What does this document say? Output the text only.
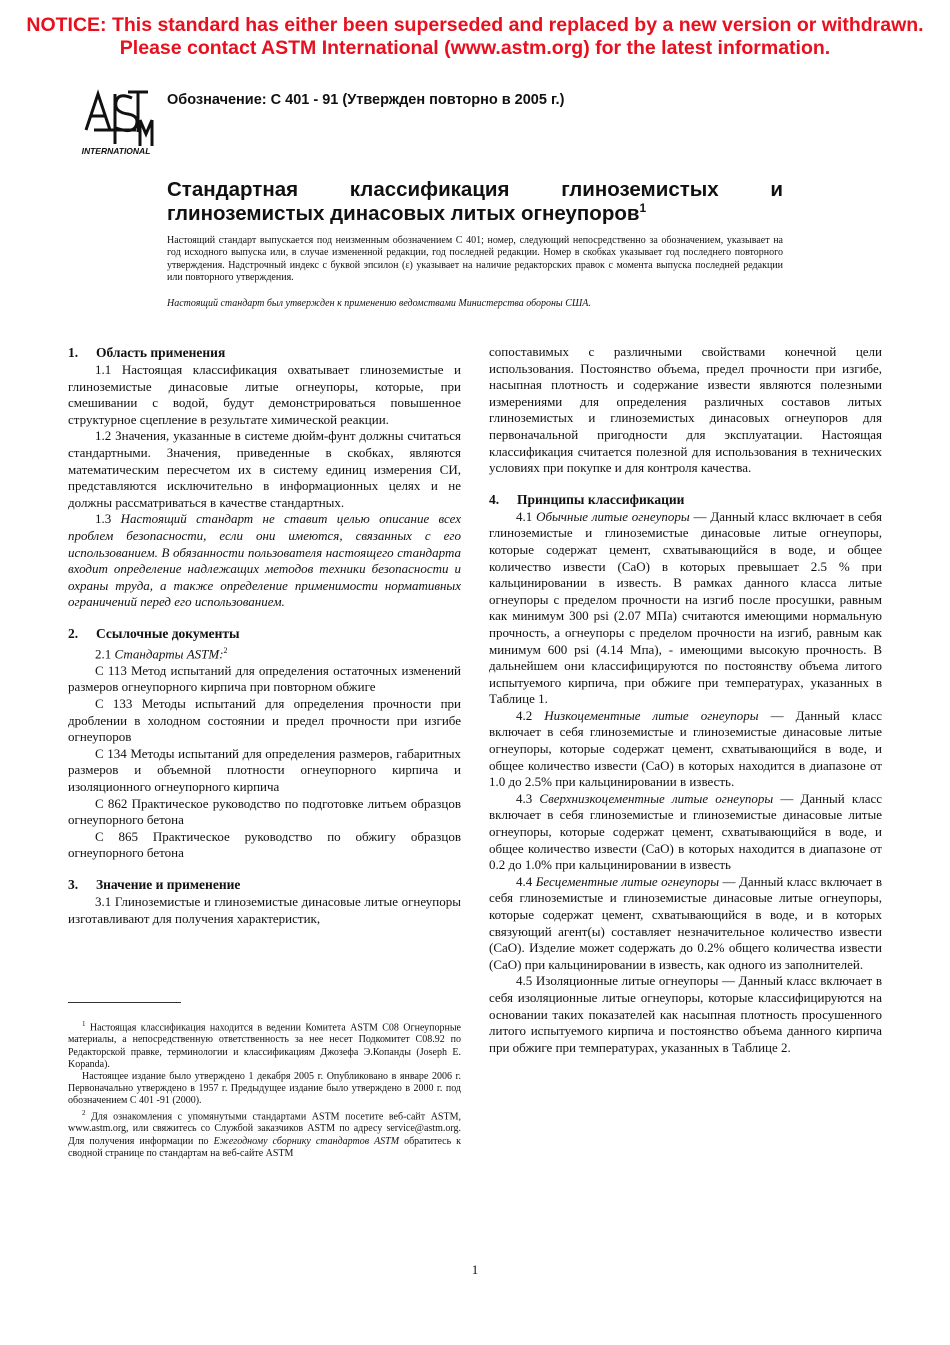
NOTICE: This standard has either been superseded and replaced by a new version or withdrawn.
Please contact ASTM International (www.astm.org) for the latest information.
INTERNATIONAL
Обозначение: С 401 - 91 (Утвержден повторно в 2005 г.)
Стандартная классификация глиноземистых и
глиноземистых динасовых литых огнеупоров$^1$
Настоящий стандарт выпускается под неизменным обозначением С 401; номер, следующий непосредственно за обозначением, указывает на год исходного выпуска или, в случае измененной редакции, год последней редакции. Номер в скобках указывает год последнего повторного утверждения. Надстрочный индекс с буквой эпсилон (ε) указывает на наличие редакторских правок с момента выпуска последней редакции или повторного утверждения.
Настоящий стандарт был утвержден к применению ведомствами Министерства обороны США.
1. Область применения

1.1 Настоящая классификация охватывает глиноземистые и глиноземистые динасовые литые огнеупоры, которые, при смешивании с водой, будут демонстрироваться повышенное структурное сцепление в результате химической реакции.

1.2 Значения, указанные в системе дюйм-фунт должны считаться стандартными. Значения, приведенные в скобках, являются математическим пересчетом их в систему единиц измерения СИ, представляются исключительно в информационных целях и не должны рассматриваться в качестве стандартных.

1.3 Настоящий стандарт не ставит целью описание всех проблем безопасности, если они имеются, связанных с его использованием. В обязанности пользователя настоящего стандарта входит определение надлежащих методов техники безопасности и охраны труда, а также определение применимости нормативных ограничений перед его использованием.

2. Ссылочные документы

2.1 Стандарты ASTM:$^2$

С 113 Метод испытаний для определения остаточных изменений размеров огнеупорного кирпича при повторном обжиге

С 133 Методы испытаний для определения прочности при дроблении в холодном состоянии и предел прочности при изгибе огнеупоров

С 134 Методы испытаний для определения размеров, габаритных размеров и объемной плотности огнеупорного кирпича и изоляционного огнеупорного кирпича

С 862 Практическое руководство по подготовке литьем образцов огнеупорного бетона

С 865 Практическое руководство по обжигу образцов огнеупорного бетона

3. Значение и применение

3.1 Глиноземистые и глиноземистые динасовые литые огнеупоры изготавливают для получения характеристик,

$^1$ Настоящая классификация находится в ведении Комитета ASTM С08 Огнеупорные материалы, а непосредственную ответственность за нее несет Подкомитет С08.92 по Редакторской правке, терминологии и классификациям Джозефа Э.Копанды (Joseph E. Kopanda).

Настоящее издание было утверждено 1 декабря 2005 г. Опубликовано в январе 2006 г. Первоначально утверждено в 1957 г. Предыдущее издание было утверждено в 2000 г. под обозначением С 401 -91 (2000).

$^2$ Для ознакомления с упомянутыми стандартами ASTM посетите веб-сайт ASTM, www.astm.org, или свяжитесь со Службой заказчиков ASTM по адресу service@astm.org. Для получения информации по Ежегодному сборнику стандартов ASTM обратитесь к сводной странице по стандартам на веб-сайте ASTM

сопоставимых с различными свойствами конечной цели использования. Постоянство объема, предел прочности при изгибе, насыпная плотность и содержание извести являются полезными измерениями для определения различных составов литых глиноземистых и глиноземистых динасовых огнеупоров для первоначальной пригодности для эксплуатации. Настоящая классификация считается полезной для использования в технических условиях при покупке и для контроля качества.

4. Принципы классификации

4.1 Обычные литые огнеупоры — Данный класс включает в себя глиноземистые и глиноземистые динасовые литые огнеупоры, которые содержат цемент, схватывающийся в воде, и общее количество извести (СаО) в которых превышает 2.5 % при кальцинировании в известь. В рамках данного класса литые огнеупоры с пределом прочности на изгиб после просушки, равным как минимум 300 psi (2.07 МПа) считаются имеющими нормальную прочность, а огнеупоры с пределом прочности на изгиб, равным как минимум 600 psi (4.14 Мпа), - имеющими высокую прочность. В дальнейшем они классифицируются по постоянству объема литого испытуемого кирпича, при обжиге при температурах, указанных в Таблице 1.

4.2 Низкоцементные литые огнеупоры — Данный класс включает в себя глиноземистые и глиноземистые динасовые литые огнеупоры, которые содержат цемент, схватывающийся в воде, и общее количество извести (СаО) в которых находится в диапазоне от 1.0 до 2.5% при кальцинировании в известь.

4.3 Сверхнизкоцементные литые огнеупоры — Данный класс включает в себя глиноземистые и глиноземистые динасовые литые огнеупоры, которые содержат цемент, схватывающийся в воде, и общее количество извести (СаО) в которых находится в диапазоне от 0.2 до 1.0% при кальцинировании в известь

4.4 Бесцементные литые огнеупоры — Данный класс включает в себя глиноземистые и глиноземистые динасовые литые огнеупоры, которые содержат цемент, схватывающийся в воде, и в которых связующий агент(ы) составляет незначительное количество извести (СаО). Изделие может содержать до 0.2% общего количества извести (СаО) при кальцинировании в известь, как одного из заполнителей.

4.5 Изоляционные литые огнеупоры — Данный класс включает в себя изоляционные литые огнеупоры, которые классифицируются на основании таких показателей как насыпная плотность просушенного литого испытуемого кирпича и постоянство объема данного кирпича при обжиге при температурах, указанных в Таблице 2.

1
